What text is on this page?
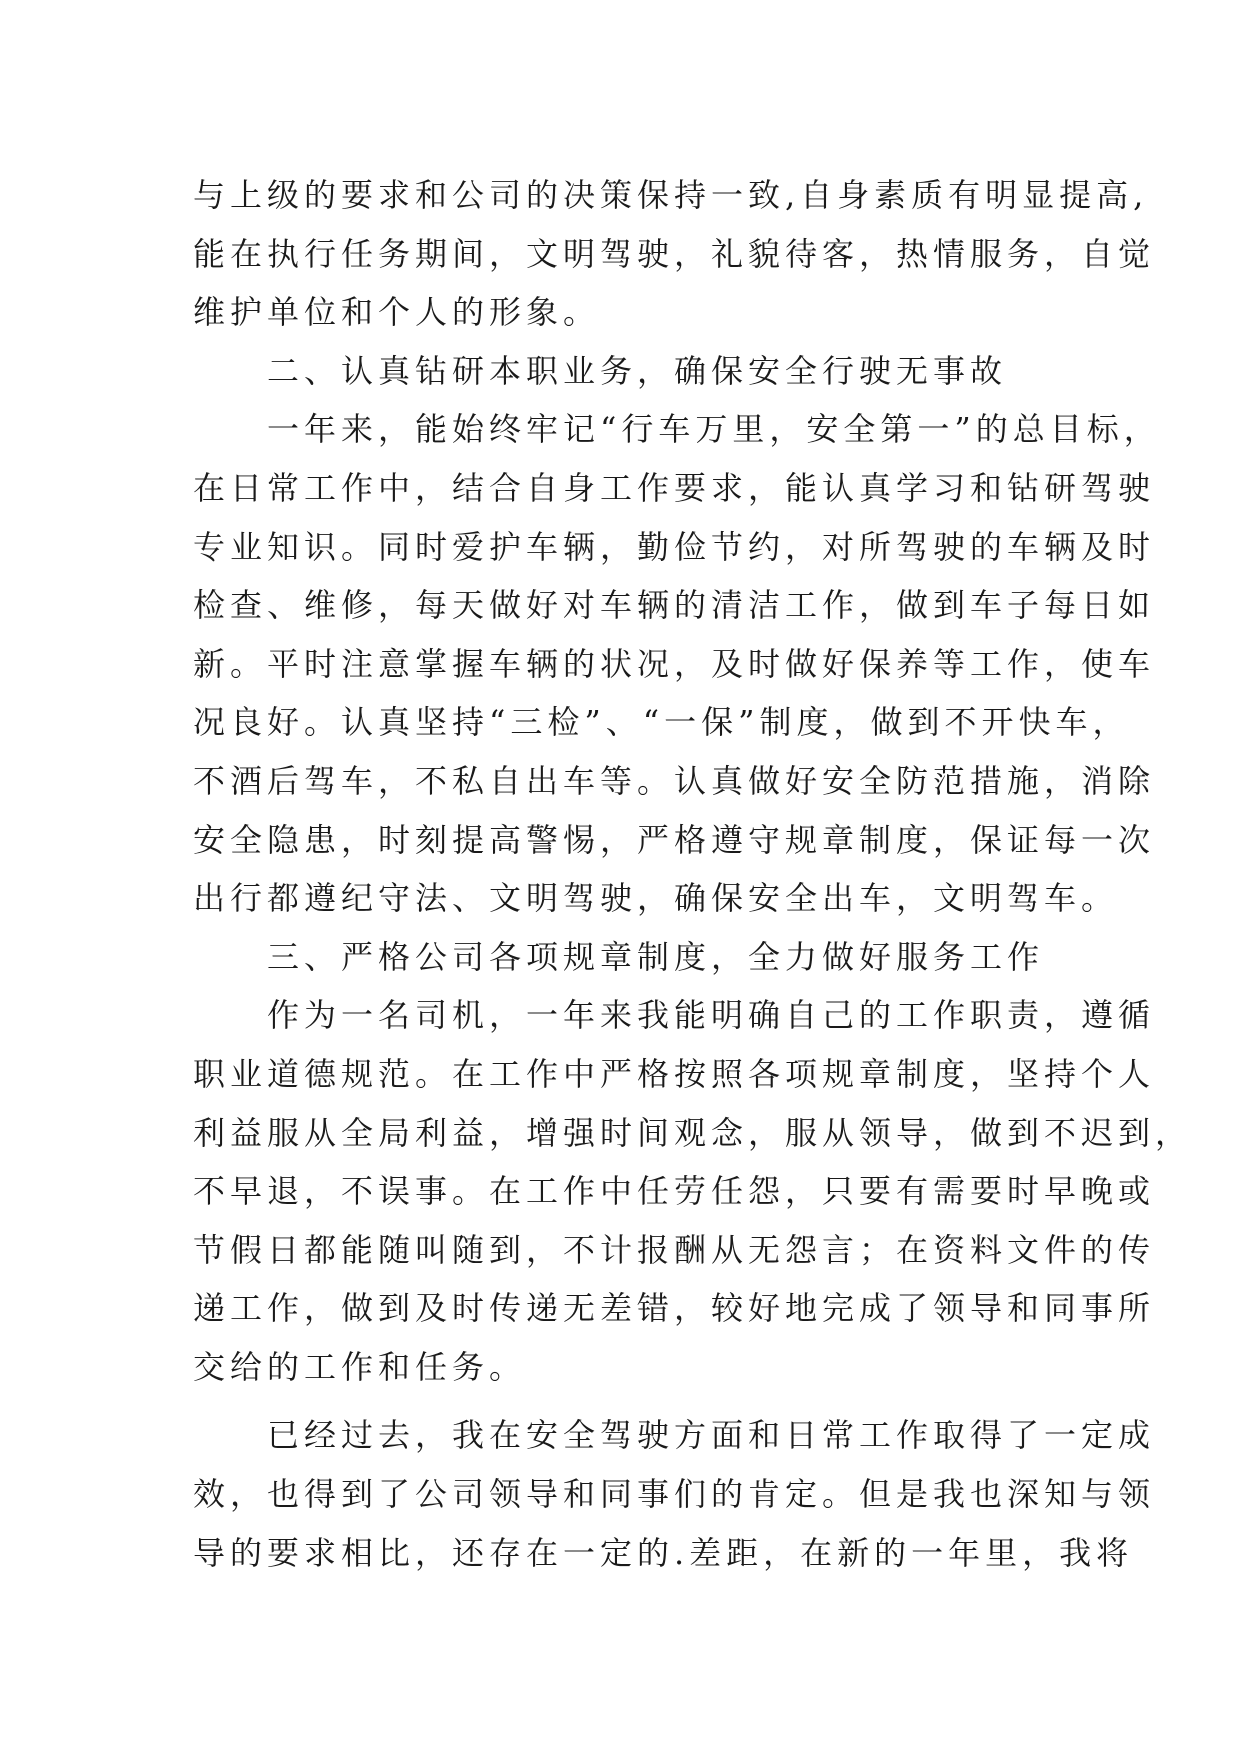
与上级的要求和公司的决策保持一致,自身素质有明显提高,
能在执行任务期间，文明驾驶，礼貌待客，热情服务，自觉
维护单位和个人的形象。
二、认真钻研本职业务，确保安全行驶无事故
一年来，能始终牢记“行车万里，安全第一”的总目标，
在日常工作中，结合自身工作要求，能认真学习和钻研驾驶
专业知识。同时爱护车辆，勤俭节约，对所驾驶的车辆及时
检查、维修，每天做好对车辆的清洁工作，做到车子每日如
新。平时注意掌握车辆的状况，及时做好保养等工作，使车
况良好。认真坚持“三检”、“一保”制度，做到不开快车，
不酒后驾车，不私自出车等。认真做好安全防范措施，消除
安全隐患，时刻提高警惕，严格遵守规章制度，保证每一次
出行都遵纪守法、文明驾驶，确保安全出车，文明驾车。
三、严格公司各项规章制度，全力做好服务工作
作为一名司机，一年来我能明确自己的工作职责，遵循
职业道德规范。在工作中严格按照各项规章制度，坚持个人
利益服从全局利益，增强时间观念，服从领导，做到不迟到，
不早退，不误事。在工作中任劳任怨，只要有需要时早晚或
节假日都能随叫随到，不计报酬从无怨言；在资料文件的传
递工作，做到及时传递无差错，较好地完成了领导和同事所
交给的工作和任务。
已经过去，我在安全驾驶方面和日常工作取得了一定成
效，也得到了公司领导和同事们的肯定。但是我也深知与领
导的要求相比，还存在一定的.差距，在新的一年里，我将
